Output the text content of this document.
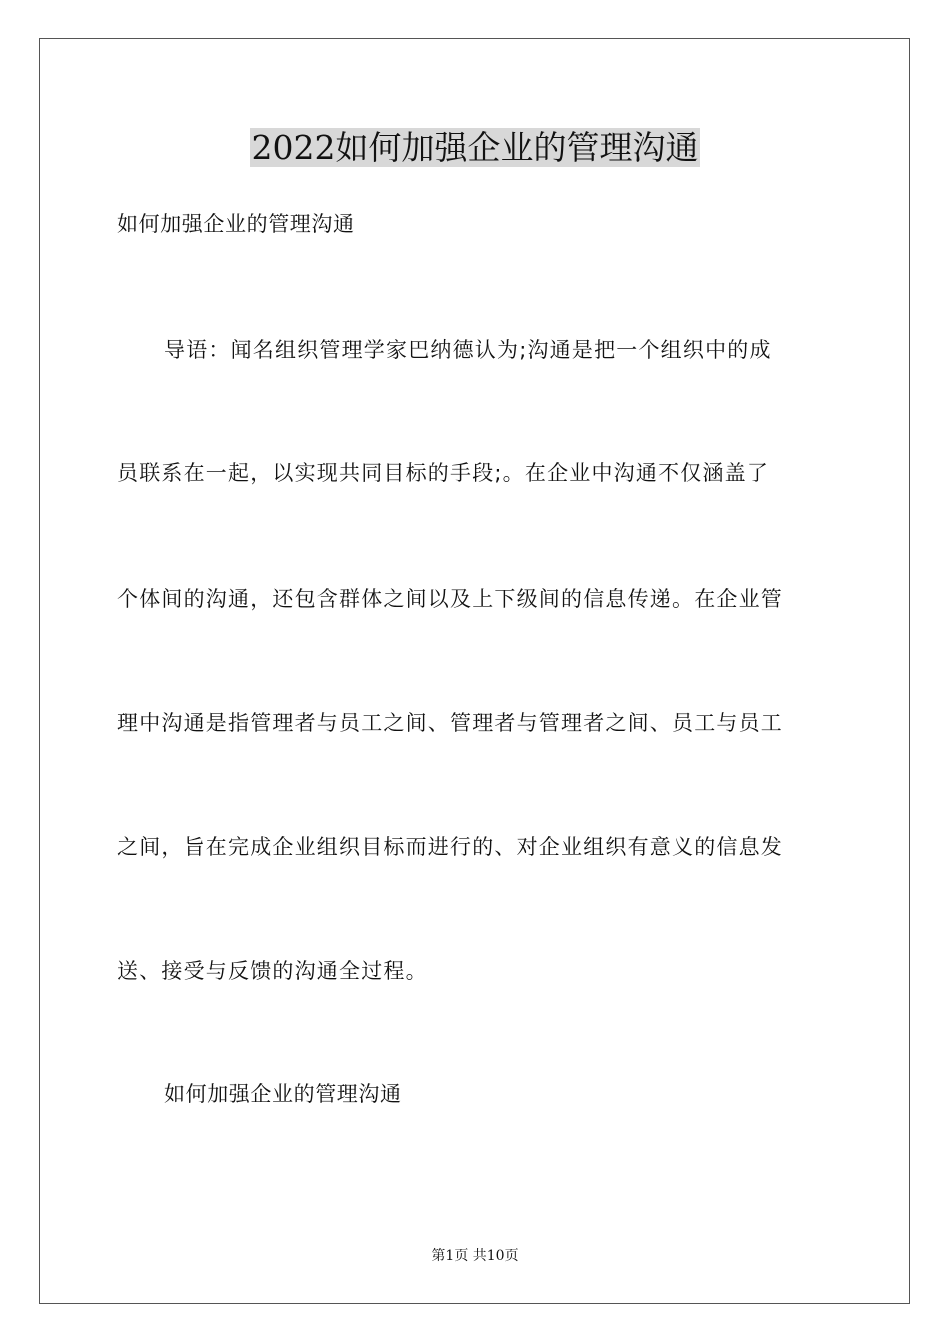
2022如何加强企业的管理沟通
如何加强企业的管理沟通
导语：闻名组织管理学家巴纳德认为;沟通是把一个组织中的成
员联系在一起，以实现共同目标的手段;。在企业中沟通不仅涵盖了
个体间的沟通，还包含群体之间以及上下级间的信息传递。在企业管
理中沟通是指管理者与员工之间、管理者与管理者之间、员工与员工
之间，旨在完成企业组织目标而进行的、对企业组织有意义的信息发
送、接受与反馈的沟通全过程。
如何加强企业的管理沟通
第1页 共10页
